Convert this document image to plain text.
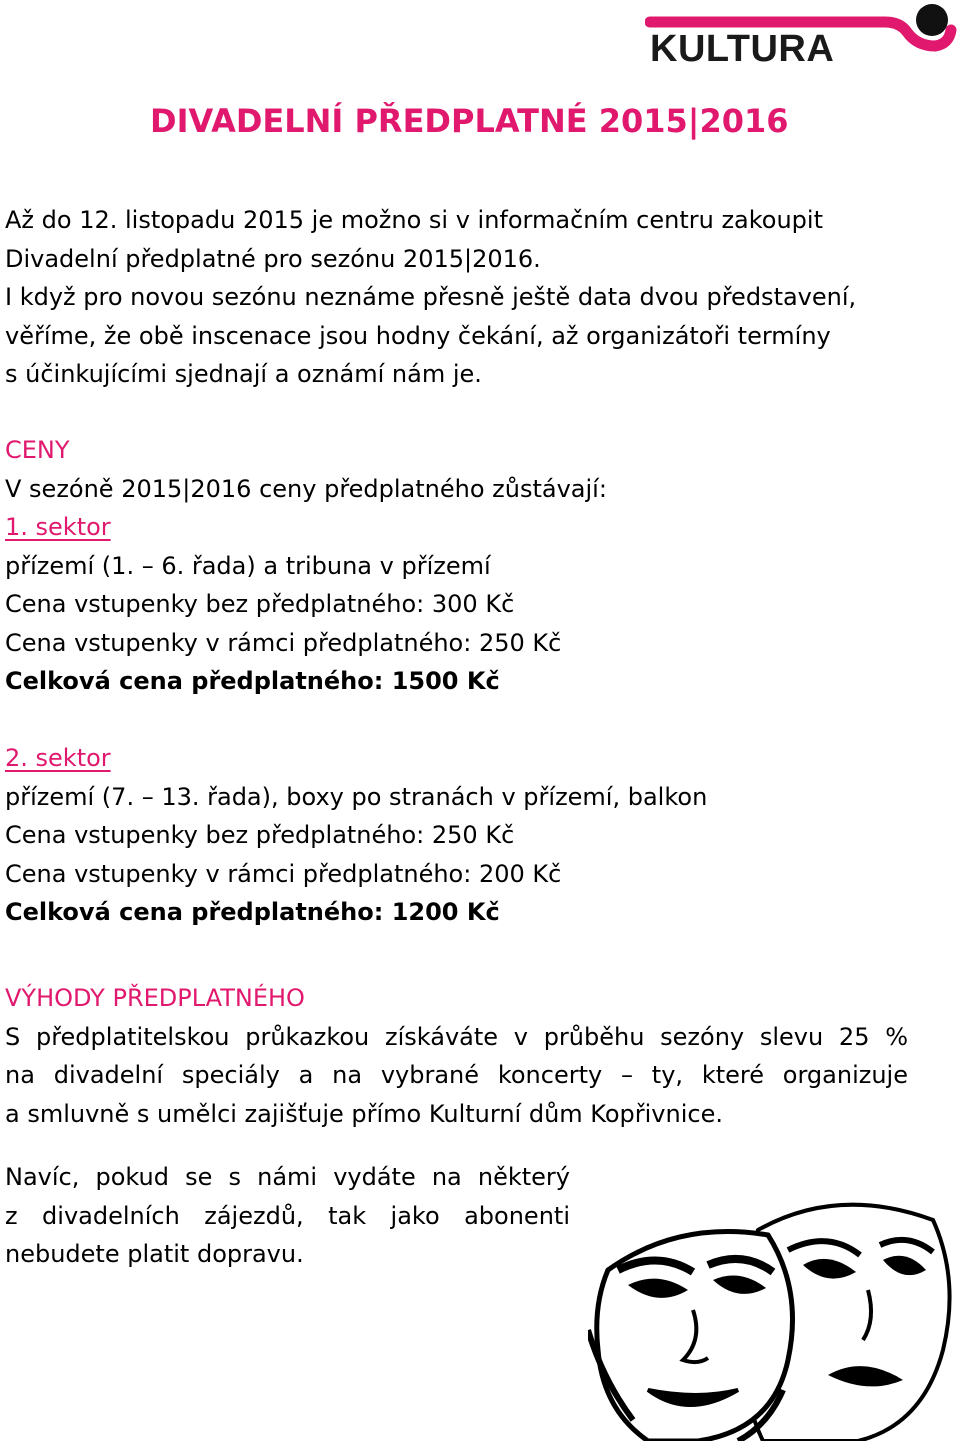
KULTURA
DIVADELNÍ PŘEDPLATNÉ 2015|2016
Až do 12. listopadu 2015 je možno si v informačním centru zakoupit
Divadelní předplatné pro sezónu 2015|2016.
I když pro novou sezónu neznáme přesně ještě data dvou představení,
věříme, že obě inscenace jsou hodny čekání, až organizátoři termíny
s účinkujícími sjednají a oznámí nám je.
CENY
V sezóně 2015|2016 ceny předplatného zůstávají:
1. sektor
přízemí (1. – 6. řada) a tribuna v přízemí
Cena vstupenky bez předplatného: 300 Kč
Cena vstupenky v rámci předplatného: 250 Kč
Celková cena předplatného: 1500 Kč
2. sektor
přízemí (7. – 13. řada), boxy po stranách v přízemí, balkon
Cena vstupenky bez předplatného: 250 Kč
Cena vstupenky v rámci předplatného: 200 Kč
Celková cena předplatného: 1200 Kč
VÝHODY PŘEDPLATNÉHO
S předplatitelskou průkazkou získáváte v průběhu sezóny slevu 25 %
na divadelní speciály a na vybrané koncerty – ty, které organizuje
a smluvně s umělci zajišťuje přímo Kulturní dům Kopřivnice.
Navíc, pokud se s námi vydáte na některý
z divadelních zájezdů, tak jako abonenti
nebudete platit dopravu.
